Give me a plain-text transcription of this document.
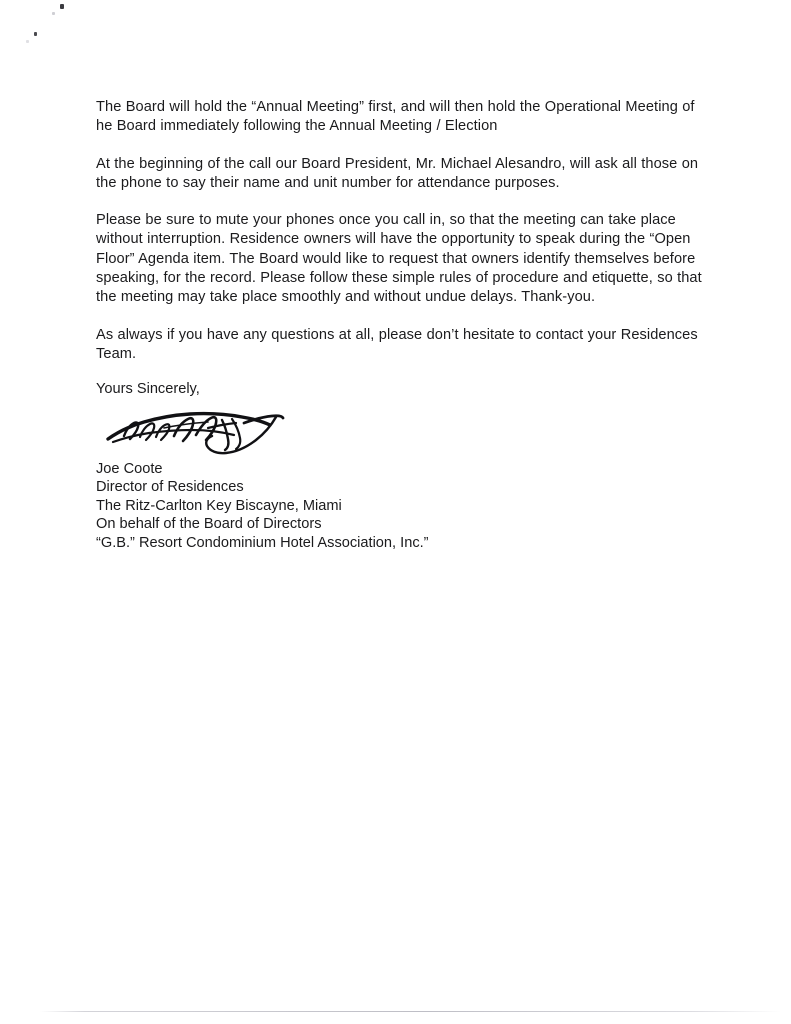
The Board will hold the “Annual Meeting” first, and will then hold the Operational Meeting of he Board immediately following the Annual Meeting / Election

At the beginning of the call our Board President, Mr. Michael Alesandro, will ask all those on the phone to say their name and unit number for attendance purposes.

Please be sure to mute your phones once you call in, so that the meeting can take place without interruption. Residence owners will have the opportunity to speak during the “Open Floor” Agenda item. The Board would like to request that owners identify themselves before speaking, for the record. Please follow these simple rules of procedure and etiquette, so that the meeting may take place smoothly and without undue delays. Thank-you.

As always if you have any questions at all, please don’t hesitate to contact your Residences Team.

Yours Sincerely,

Joe Coote
Director of Residences
The Ritz-Carlton Key Biscayne, Miami
On behalf of the Board of Directors
“G.B.” Resort Condominium Hotel Association, Inc.”
